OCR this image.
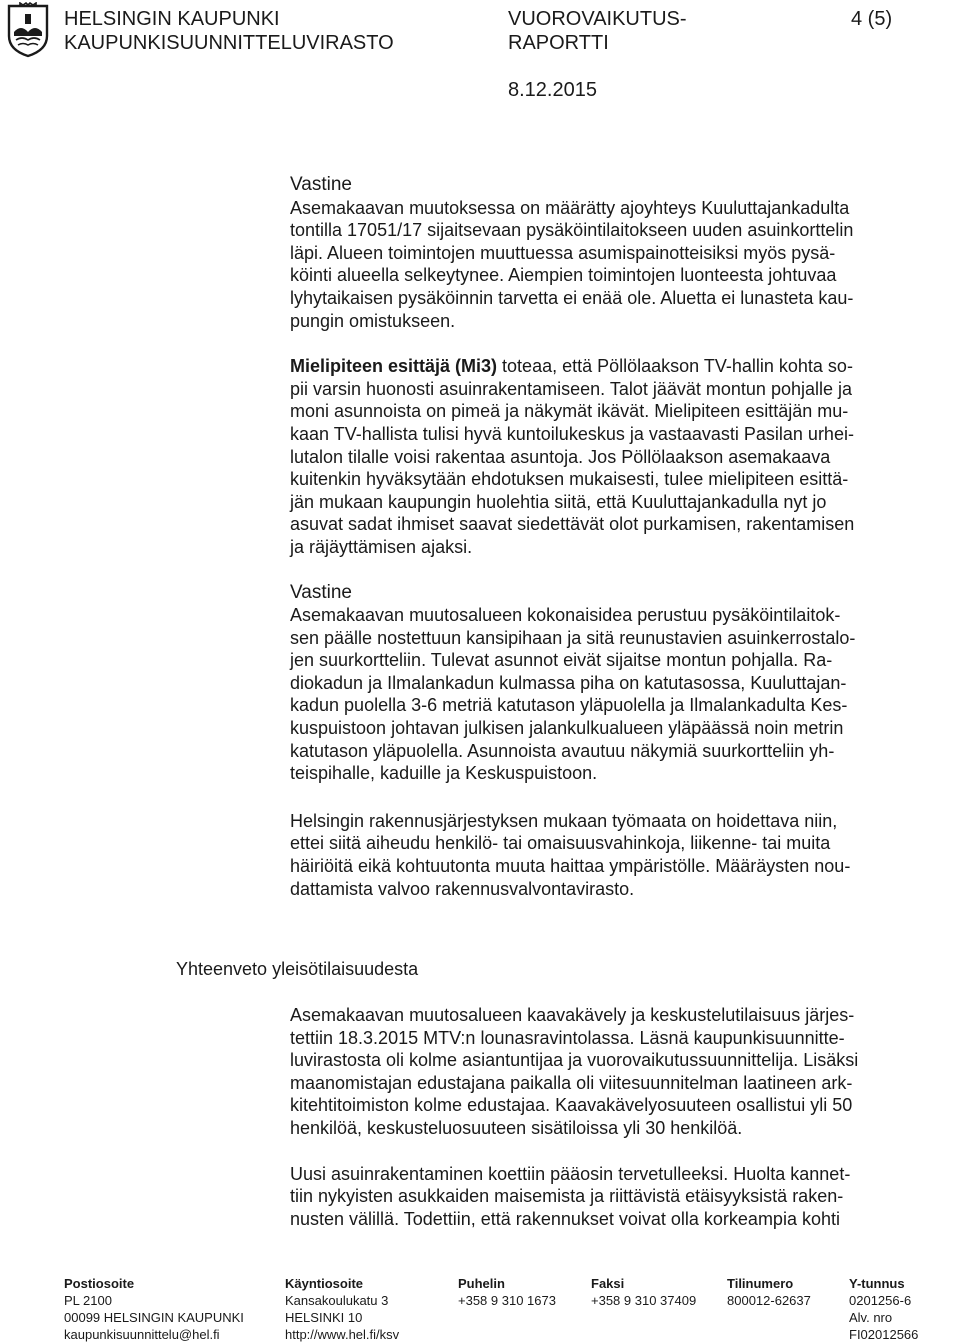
HELSINGIN KAUPUNKI
KAUPUNKISUUNNITTELUVIRASTO
VUOROVAIKUTUS-
RAPORTTI
4 (5)
8.12.2015
Vastine
Asemakaavan muutoksessa on määrätty ajoyhteys Kuuluttajankadulta
tontilla 17051/17 sijaitsevaan pysäköintilaitokseen uuden asuinkorttelin
läpi. Alueen toimintojen muuttuessa asumispainotteisiksi myös pysä-
köinti alueella selkeytynee. Aiempien toimintojen luonteesta johtuvaa
lyhytaikaisen pysäköinnin tarvetta ei enää ole. Aluetta ei lunasteta kau-
pungin omistukseen.
Mielipiteen esittäjä (Mi3) toteaa, että Pöllölaakson TV-hallin kohta so-
pii varsin huonosti asuinrakentamiseen. Talot jäävät montun pohjalle ja
moni asunnoista on pimeä ja näkymät ikävät. Mielipiteen esittäjän mu-
kaan TV-hallista tulisi hyvä kuntoilukeskus ja vastaavasti Pasilan urhei-
lutalon tilalle voisi rakentaa asuntoja. Jos Pöllölaakson asemakaava
kuitenkin hyväksytään ehdotuksen mukaisesti, tulee mielipiteen esittä-
jän mukaan kaupungin huolehtia siitä, että Kuuluttajankadulla nyt jo
asuvat sadat ihmiset saavat siedettävät olot purkamisen, rakentamisen
ja räjäyttämisen ajaksi.
Vastine
Asemakaavan muutosalueen kokonaisidea perustuu pysäköintilaitok-
sen päälle nostettuun kansipihaan ja sitä reunustavien asuinkerrostalo-
jen suurkortteliin. Tulevat asunnot eivät sijaitse montun pohjalla. Ra-
diokadun ja Ilmalankadun kulmassa piha on katutasossa, Kuuluttajan-
kadun puolella 3-6 metriä katutason yläpuolella ja Ilmalankadulta Kes-
kuspuistoon johtavan julkisen jalankulkualueen yläpäässä noin metrin
katutason yläpuolella. Asunnoista avautuu näkymiä suurkortteliin yh-
teispihalle, kaduille ja Keskuspuistoon.
Helsingin rakennusjärjestyksen mukaan työmaata on hoidettava niin,
ettei siitä aiheudu henkilö- tai omaisuusvahinkoja, liikenne- tai muita
häiriöitä eikä kohtuutonta muuta haittaa ympäristölle. Määräysten nou-
dattamista valvoo rakennusvalvontavirasto.
Yhteenveto yleisötilaisuudesta
Asemakaavan muutosalueen kaavakävely ja keskustelutilaisuus järjes-
tettiin 18.3.2015 MTV:n lounasravintolassa. Läsnä kaupunkisuunnitte-
luvirastosta oli kolme asiantuntijaa ja vuorovaikutussuunnittelija. Lisäksi
maanomistajan edustajana paikalla oli viitesuunnitelman laatineen ark-
kitehtitoimiston kolme edustajaa. Kaavakävelyosuuteen osallistui yli 50
henkilöä, keskusteluosuuteen sisätiloissa yli 30 henkilöä.
Uusi asuinrakentaminen koettiin pääosin tervetulleeksi. Huolta kannet-
tiin nykyisten asukkaiden maisemista ja riittävistä etäisyyksistä raken-
nusten välillä. Todettiin, että rakennukset voivat olla korkeampia kohti
Postiosoite
PL 2100
00099 HELSINGIN KAUPUNKI
kaupunkisuunnittelu@hel.fi
Käyntiosoite
Kansakoulukatu 3
HELSINKI 10
http://www.hel.fi/ksv
Puhelin
+358 9 310 1673
Faksi
+358 9 310 37409
Tilinumero
800012-62637
Y-tunnus
0201256-6
Alv. nro
FI02012566
